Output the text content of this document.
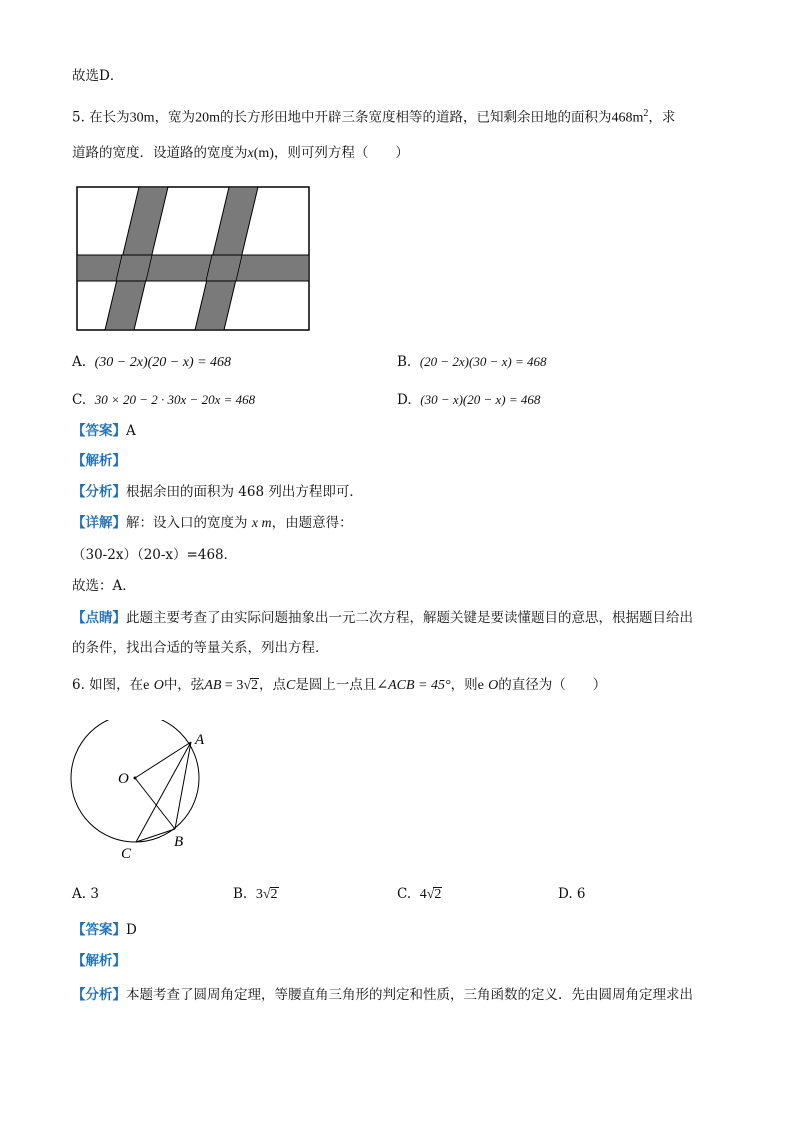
故选D．
5. 在长为30m，宽为20m的长方形田地中开辟三条宽度相等的道路，已知剩余田地的面积为$468m^2$，求
道路的宽度．设道路的宽度为x(m)，则可列方程（　　）
A. (30 − 2x)(20 − x) = 468	B. (20 − 2x)(30 − x) = 468
C. 30 × 20 − 2 · 30x − 20x = 468	D. (30 − x)(20 − x) = 468
【答案】A
【解析】
【分析】根据余田的面积为 468 列出方程即可．
【详解】解：设入口的宽度为 x m，由题意得：
（30-2x）（20-x）=468．
故选：A．
【点睛】此题主要考查了由实际问题抽象出一元二次方程，解题关键是要读懂题目的意思，根据题目给出
的条件，找出合适的等量关系，列出方程．
6. 如图，在e O中，弦AB = 3√2，点C是圆上一点且∠ACB = 45°，则e O的直径为（　　）
A
O
B
C
A. 3	B. 3√2	C. 4√2	D. 6
【答案】D
【解析】
【分析】本题考查了圆周角定理，等腰直角三角形的判定和性质，三角函数的定义．先由圆周角定理求出
